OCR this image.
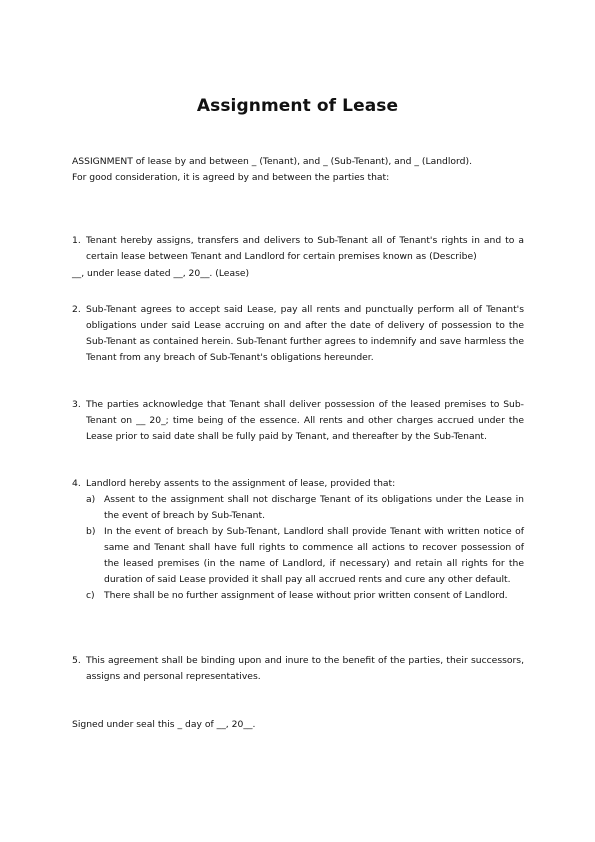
Assignment of Lease

ASSIGNMENT of lease by and between _ (Tenant), and _ (Sub-Tenant), and _ (Landlord).

For good consideration, it is agreed by and between the parties that:

1. Tenant hereby assigns, transfers and delivers to Sub-Tenant all of Tenant's rights in and to a certain lease between Tenant and Landlord for certain premises known as (Describe)

__, under lease dated __, 20__. (Lease)

2. Sub-Tenant agrees to accept said Lease, pay all rents and punctually perform all of Tenant's obligations under said Lease accruing on and after the date of delivery of possession to the Sub-Tenant as contained herein. Sub-Tenant further agrees to indemnify and save harmless the Tenant from any breach of Sub-Tenant's obligations hereunder.

3. The parties acknowledge that Tenant shall deliver possession of the leased premises to Sub-Tenant on __ 20_; time being of the essence. All rents and other charges accrued under the Lease prior to said date shall be fully paid by Tenant, and thereafter by the Sub-Tenant.

4. Landlord hereby assents to the assignment of lease, provided that:

a) Assent to the assignment shall not discharge Tenant of its obligations under the Lease in the event of breach by Sub-Tenant.
b) In the event of breach by Sub-Tenant, Landlord shall provide Tenant with written notice of same and Tenant shall have full rights to commence all actions to recover possession of the leased premises (in the name of Landlord, if necessary) and retain all rights for the duration of said Lease provided it shall pay all accrued rents and cure any other default.
c) There shall be no further assignment of lease without prior written consent of Landlord.

5. This agreement shall be binding upon and inure to the benefit of the parties, their successors, assigns and personal representatives.

Signed under seal this _ day of __, 20__.
